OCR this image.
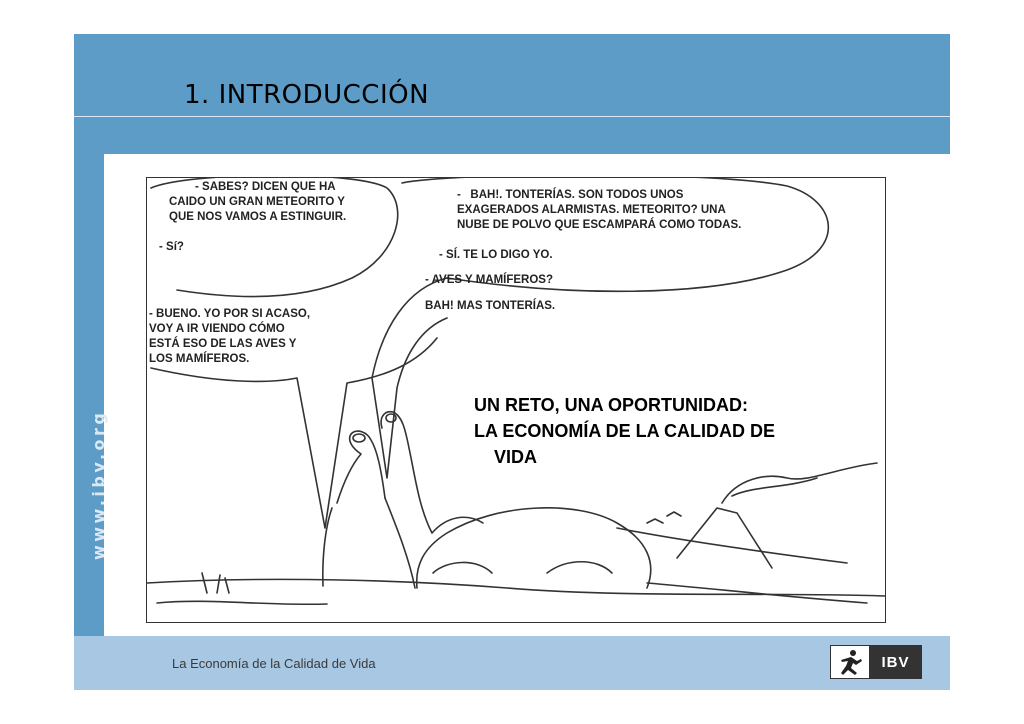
1. INTRODUCCIÓN
www.ibv.org
- SABES? DICEN QUE HA
CAIDO UN GRAN METEORITO Y
QUE NOS VAMOS A ESTINGUIR.
- Sí?
- BUENO. YO POR SI ACASO,
VOY A IR VIENDO CÓMO
ESTÁ ESO DE LAS AVES Y
LOS MAMÍFEROS.
-   BAH!. TONTERÍAS. SON TODOS UNOS
EXAGERADOS ALARMISTAS. METEORITO? UNA
NUBE DE POLVO QUE ESCAMPARÁ COMO TODAS.
- SÍ. TE LO DIGO YO.
- AVES Y MAMÍFEROS?
BAH! MAS TONTERÍAS.
UN RETO, UNA OPORTUNIDAD:
LA ECONOMÍA DE LA CALIDAD DE
VIDA
La Economía de la Calidad de Vida	IBV
